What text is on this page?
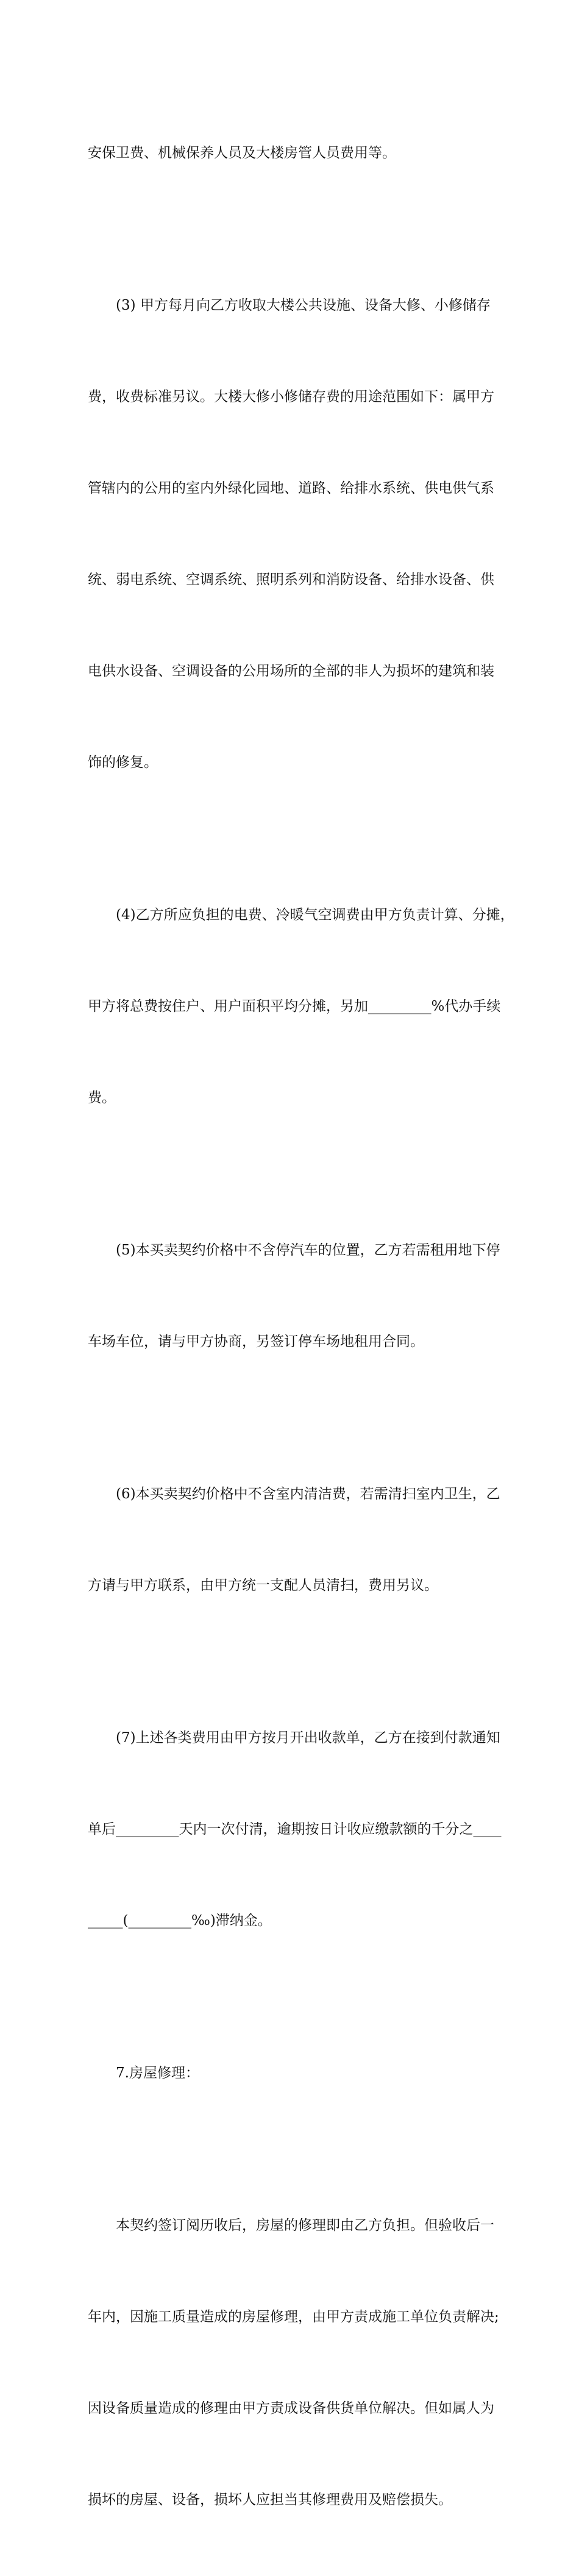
安保卫费、机械保养人员及大楼房管人员费用等。

(3) 甲方每月向乙方收取大楼公共设施、设备大修、小修储存

费，收费标准另议。大楼大修小修储存费的用途范围如下：属甲方

管辖内的公用的室内外绿化园地、道路、给排水系统、供电供气系

统、弱电系统、空调系统、照明系列和消防设备、给排水设备、供

电供水设备、空调设备的公用场所的全部的非人为损坏的建筑和装

饰的修复。

(4)乙方所应负担的电费、冷暖气空调费由甲方负责计算、分摊，

甲方将总费按住户、用户面积平均分摊，另加_________%代办手续

费。

(5)本买卖契约价格中不含停汽车的位置，乙方若需租用地下停

车场车位，请与甲方协商，另签订停车场地租用合同。

(6)本买卖契约价格中不含室内清洁费，若需清扫室内卫生，乙

方请与甲方联系，由甲方统一支配人员清扫，费用另议。

(7)上述各类费用由甲方按月开出收款单，乙方在接到付款通知

单后_________天内一次付清，逾期按日计收应缴款额的千分之____

_____(_________‰)滞纳金。

7.房屋修理：

本契约签订阅历收后，房屋的修理即由乙方负担。但验收后一

年内，因施工质量造成的房屋修理，由甲方责成施工单位负责解决;

因设备质量造成的修理由甲方责成设备供货单位解决。但如属人为

损坏的房屋、设备，损坏人应担当其修理费用及赔偿损失。
